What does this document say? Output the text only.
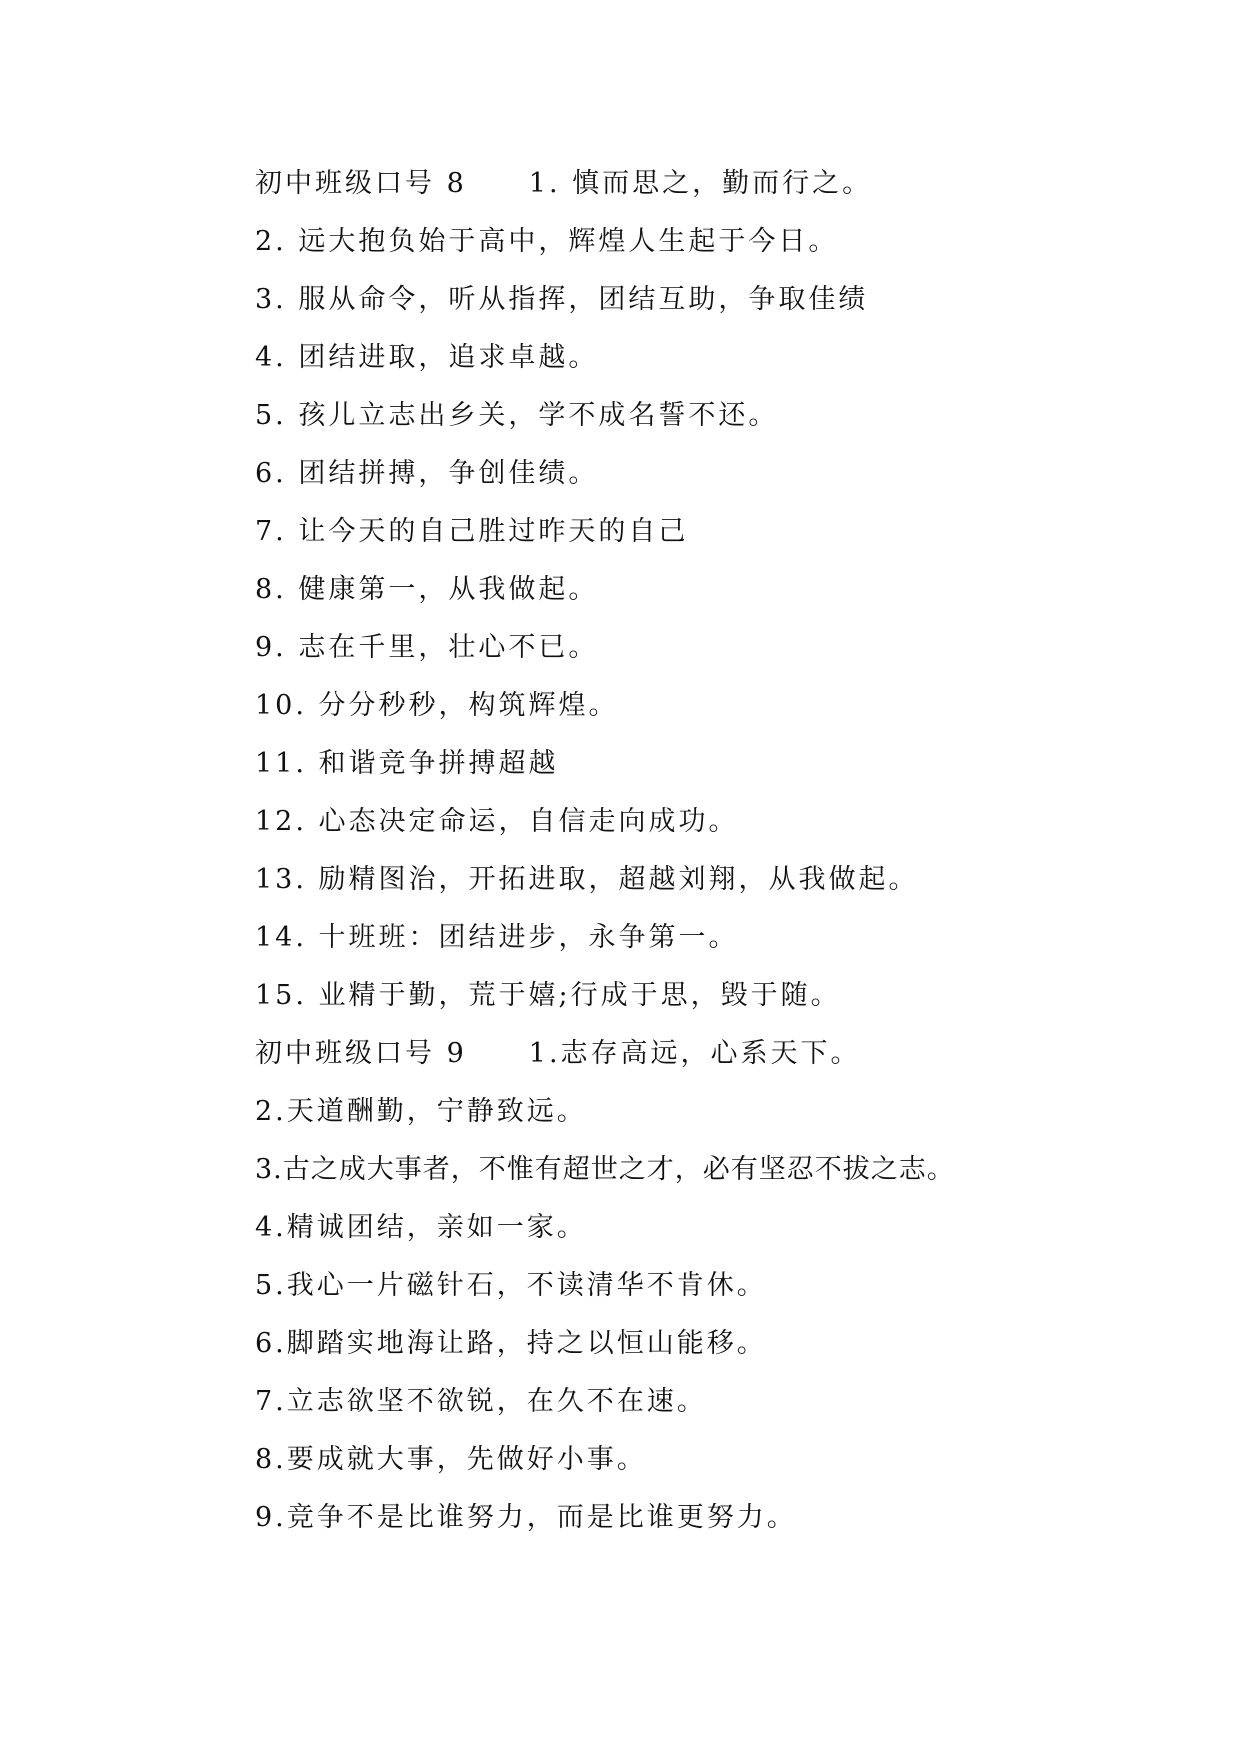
初中班级口号 8 1. 慎而思之，勤而行之。
2. 远大抱负始于高中，辉煌人生起于今日。
3. 服从命令，听从指挥，团结互助，争取佳绩
4. 团结进取，追求卓越。
5. 孩儿立志出乡关，学不成名誓不还。
6. 团结拼搏，争创佳绩。
7. 让今天的自己胜过昨天的自己
8. 健康第一，从我做起。
9. 志在千里，壮心不已。
10. 分分秒秒，构筑辉煌。
11. 和谐竞争拼搏超越
12. 心态决定命运，自信走向成功。
13. 励精图治，开拓进取，超越刘翔，从我做起。
14. 十班班：团结进步，永争第一。
15. 业精于勤，荒于嬉;行成于思，毁于随。
初中班级口号 9 1.志存高远，心系天下。
2.天道酬勤，宁静致远。
3.古之成大事者，不惟有超世之才，必有坚忍不拔之志。
4.精诚团结，亲如一家。
5.我心一片磁针石，不读清华不肯休。
6.脚踏实地海让路，持之以恒山能移。
7.立志欲坚不欲锐，在久不在速。
8.要成就大事，先做好小事。
9.竞争不是比谁努力，而是比谁更努力。
